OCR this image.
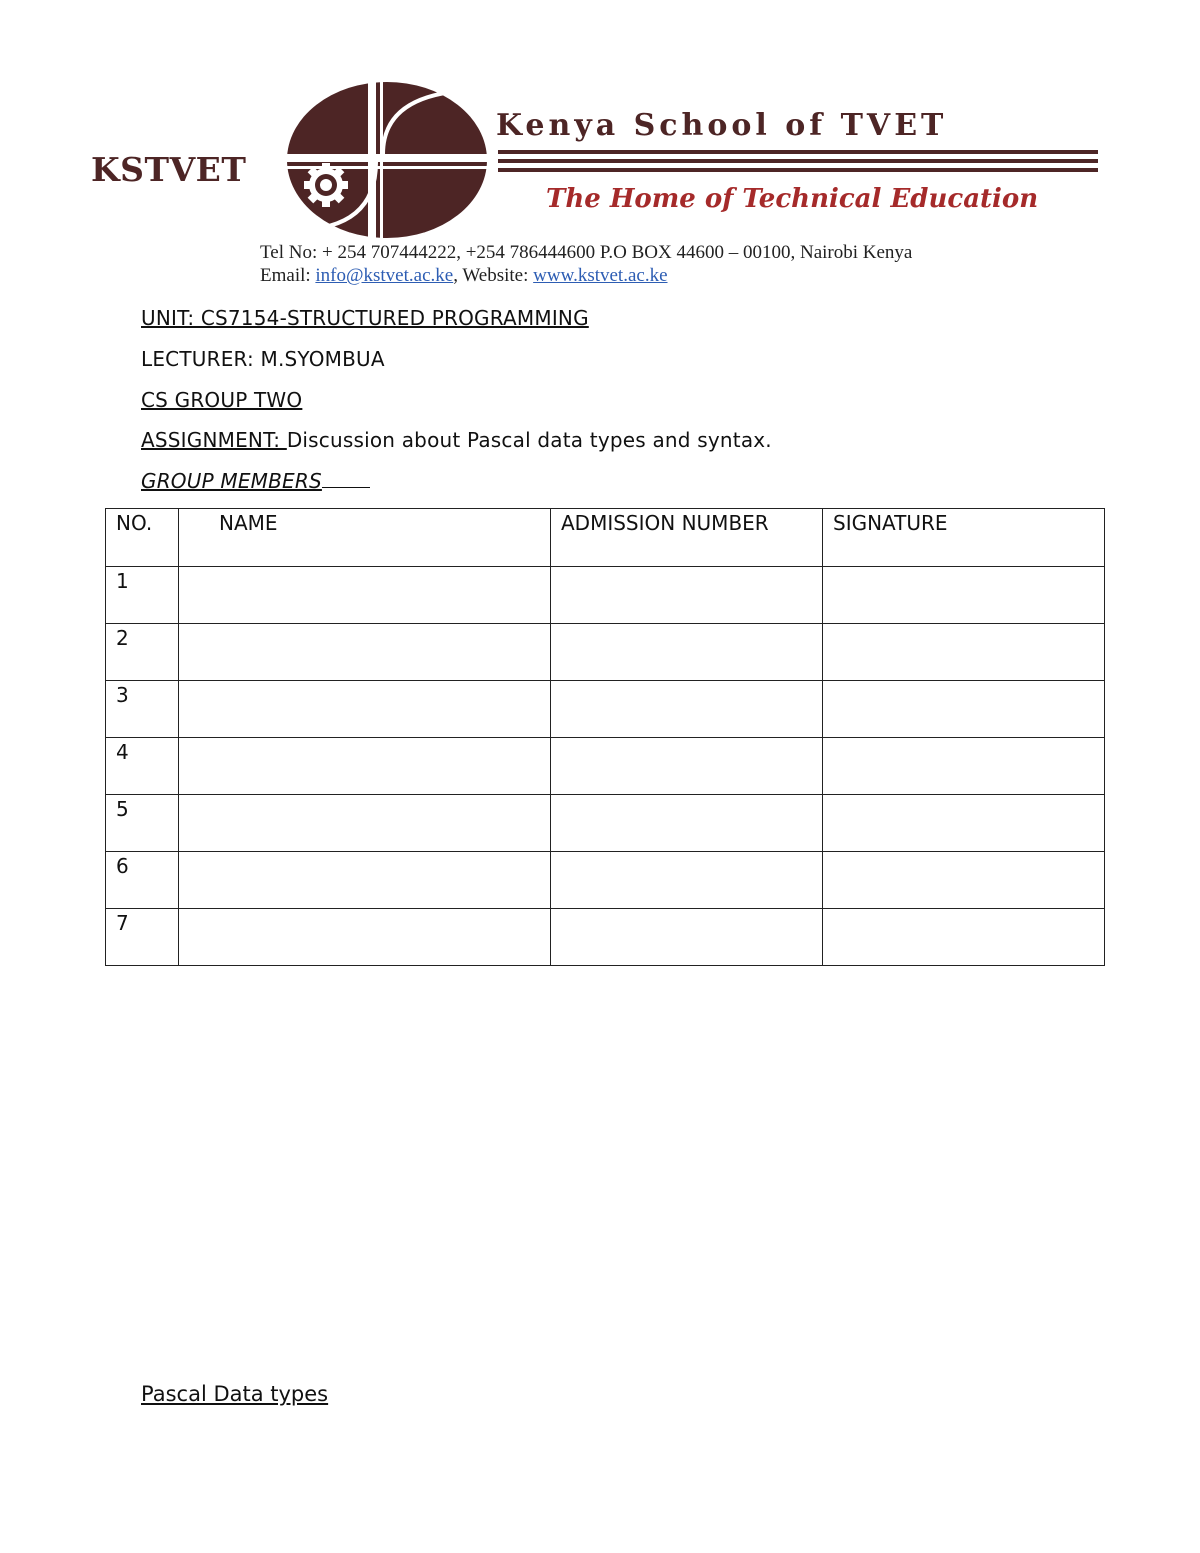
KSTVET
Kenya School of TVET
The Home of Technical Education
Tel No: + 254 707444222, +254 786444600 P.O BOX 44600 – 00100, Nairobi Kenya
Email: info@kstvet.ac.ke, Website: www.kstvet.ac.ke
UNIT: CS7154-STRUCTURED PROGRAMMING
LECTURER: M.SYOMBUA
CS GROUP TWO
ASSIGNMENT: Discussion about Pascal data types and syntax.
GROUP MEMBERS
NO.	NAME	ADMISSION NUMBER	SIGNATURE
1			
2			
3			
4			
5			
6			
7			
Pascal Data types
